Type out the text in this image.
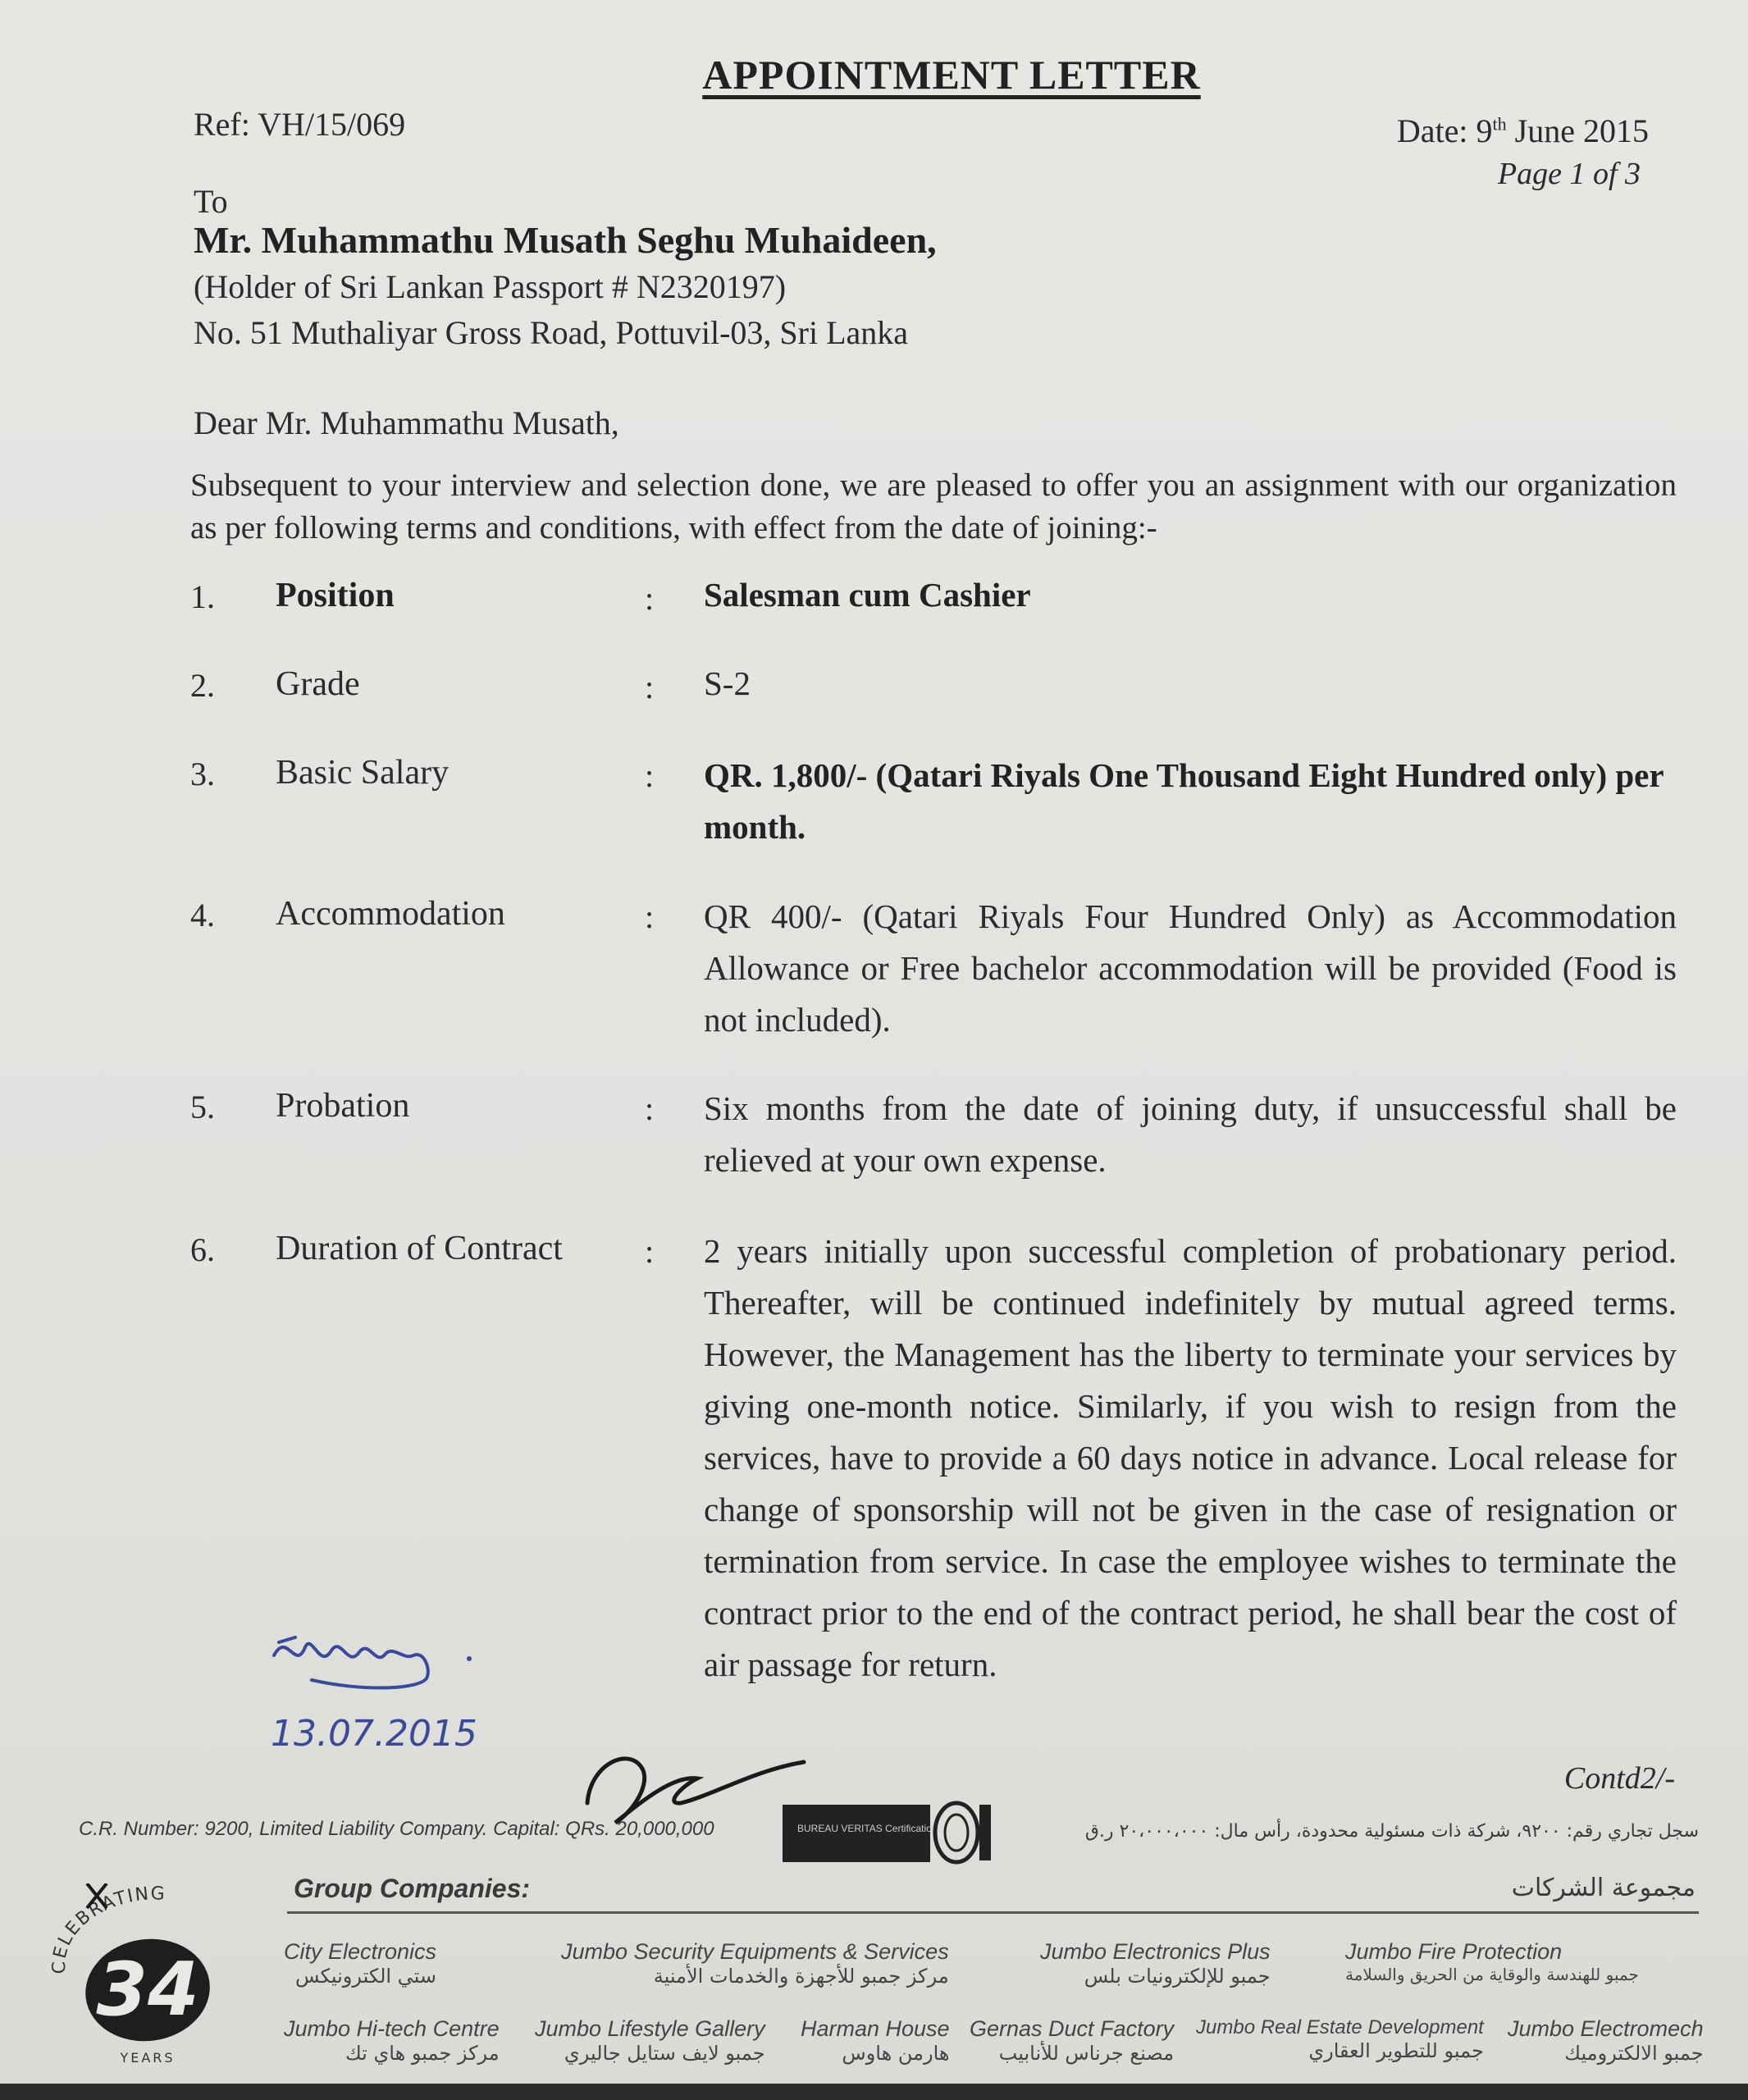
APPOINTMENT LETTER
Ref: VH/15/069	Date: 9th June 2015
Page 1 of 3
To
Mr. Muhammathu Musath Seghu Muhaideen,
(Holder of Sri Lankan Passport # N2320197)
No. 51 Muthaliyar Gross Road, Pottuvil-03, Sri Lanka
Dear Mr. Muhammathu Musath,
Subsequent to your interview and selection done, we are pleased to offer you an assignment with our organization as per following terms and conditions, with effect from the date of joining:-
1. Position	: Salesman cum Cashier
2. Grade	: S-2
3. Basic Salary	: QR. 1,800/- (Qatari Riyals One Thousand Eight Hundred only) per month.
4. Accommodation	: QR 400/- (Qatari Riyals Four Hundred Only) as Accommodation Allowance or Free bachelor accommodation will be provided (Food is not included).
5. Probation	: Six months from the date of joining duty, if unsuccessful shall be relieved at your own expense.
6. Duration of Contract	: 2 years initially upon successful completion of probationary period. Thereafter, will be continued indefinitely by mutual agreed terms. However, the Management has the liberty to terminate your services by giving one-month notice. Similarly, if you wish to resign from the services, have to provide a 60 days notice in advance. Local release for change of sponsorship will not be given in the case of resignation or termination from service. In case the employee wishes to terminate the contract prior to the end of the contract period, he shall bear the cost of air passage for return.
13.07.2015
Contd2/-
C.R. Number: 9200, Limited Liability Company. Capital: QRs. 20,000,000	BUREAU VERITAS Certification	سجل تجاري رقم: ٩٢٠٠، شركة ذات مسئولية محدودة، رأس مال: ٢٠،٠٠٠،٠٠٠ ر.ق
Group Companies:	مجموعة الشركات
City Electronics
ستي الكترونيكس
Jumbo Security Equipments & Services
مركز جمبو للأجهزة والخدمات الأمنية
Jumbo Electronics Plus
جمبو للإلكترونيات بلس
Jumbo Fire Protection
جمبو للهندسة والوقاية من الحريق والسلامة
Jumbo Hi-tech Centre
مركز جمبو هاي تك
Jumbo Lifestyle Gallery
جمبو لايف ستايل جاليري
Harman House
هارمن هاوس
Gernas Duct Factory
مصنع جرناس للأنابيب
Jumbo Real Estate Development
جمبو للتطوير العقاري
Jumbo Electromech
جمبو الالكتروميك
CELEBRATING
34
YEARS
